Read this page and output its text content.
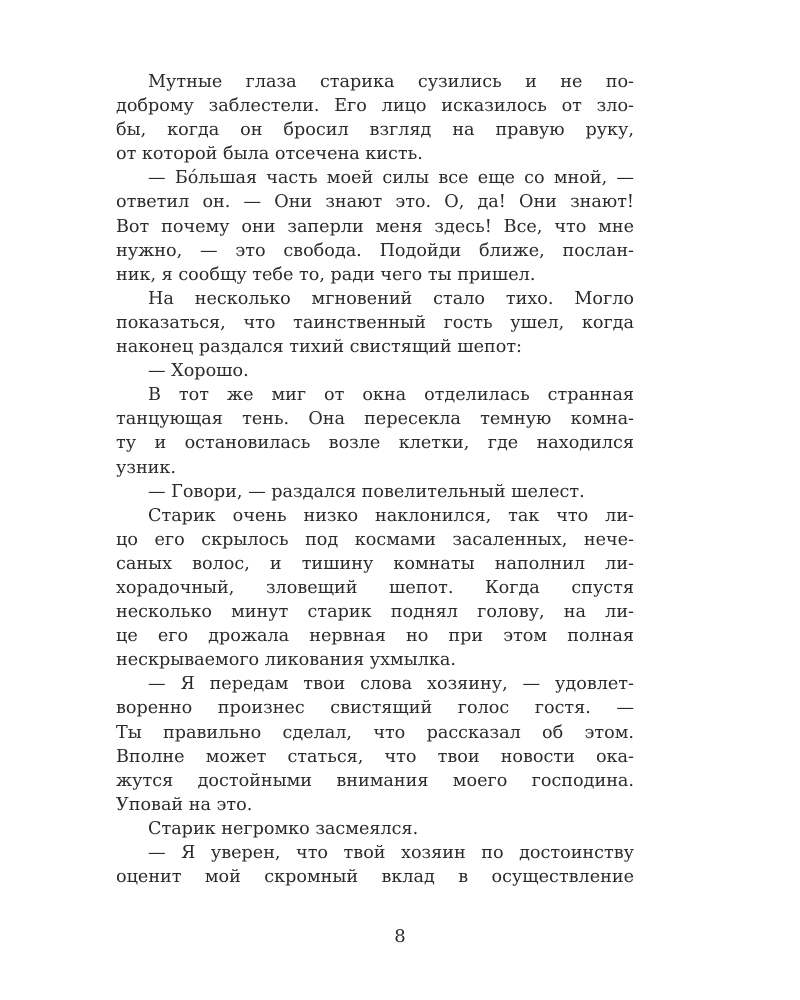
Мутные глаза старика сузились и не по-
доброму заблестели. Его лицо исказилось от зло-
бы, когда он бросил взгляд на правую руку,
от которой была отсечена кисть.
— Бóльшая часть моей силы все еще со мной, —
ответил он. — Они знают это. О, да! Они знают!
Вот почему они заперли меня здесь! Все, что мне
нужно, — это свобода. Подойди ближе, послан-
ник, я сообщу тебе то, ради чего ты пришел.
На несколько мгновений стало тихо. Могло
показаться, что таинственный гость ушел, когда
наконец раздался тихий свистящий шепот:
— Хорошо.
В тот же миг от окна отделилась странная
танцующая тень. Она пересекла темную комна-
ту и остановилась возле клетки, где находился
узник.
— Говори, — раздался повелительный шелест.
Старик очень низко наклонился, так что ли-
цо его скрылось под космами засаленных, нече-
саных волос, и тишину комнаты наполнил ли-
хорадочный, зловещий шепот. Когда спустя
несколько минут старик поднял голову, на ли-
це его дрожала нервная но при этом полная
нескрываемого ликования ухмылка.
— Я передам твои слова хозяину, — удовлет-
воренно произнес свистящий голос гостя. —
Ты правильно сделал, что рассказал об этом.
Вполне может статься, что твои новости ока-
жутся достойными внимания моего господина.
Уповай на это.
Старик негромко засмеялся.
— Я уверен, что твой хозяин по достоинству
оценит мой скромный вклад в осуществление
8
